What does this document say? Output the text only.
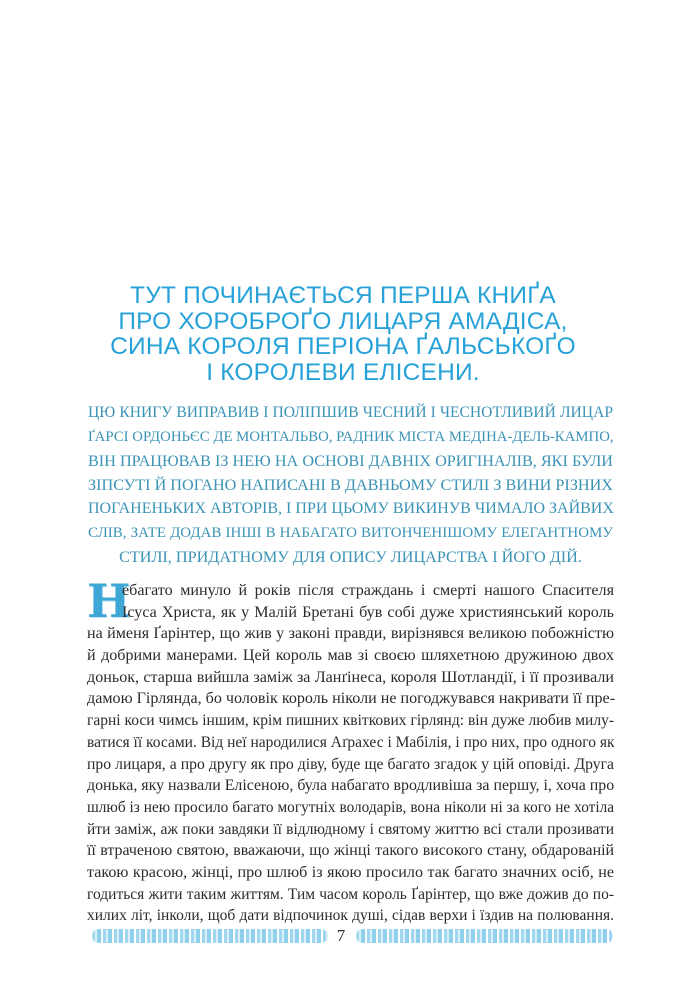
ТУТ ПОЧИНАЄТЬСЯ ПЕРША КНИҐА
ПРО ХОРОБРОҐО ЛИЦАРЯ АМАДІСА,
СИНА КОРОЛЯ ПЕРІОНА ҐАЛЬСЬКОҐО
І КОРОЛЕВИ ЕЛІСЕНИ.
ЦЮ КНИГУ ВИПРАВИВ І ПОЛІПШИВ ЧЕСНИЙ І ЧЕСНОТЛИВИЙ ЛИЦАР
ҐАРСІ ОРДОНЬЄС ДЕ МОНТАЛЬВО, РАДНИК МІСТА МЕДІНА-ДЕЛЬ-КАМПО,
ВІН ПРАЦЮВАВ ІЗ НЕЮ НА ОСНОВІ ДАВНІХ ОРИГІНАЛІВ, ЯКІ БУЛИ
ЗІПСУТІ Й ПОГАНО НАПИСАНІ В ДАВНЬОМУ СТИЛІ З ВИНИ РІЗНИХ
ПОГАНЕНЬКИХ АВТОРІВ, І ПРИ ЦЬОМУ ВИКИНУВ ЧИМАЛО ЗАЙВИХ
СЛІВ, ЗАТЕ ДОДАВ ІНШІ В НАБАГАТО ВИТОНЧЕНІШОМУ ЕЛЕГАНТНОМУ
СТИЛІ, ПРИДАТНОМУ ДЛЯ ОПИСУ ЛИЦАРСТВА І ЙОГО ДІЙ.
Н
ебагато минуло й років після страждань і смерті нашого Спасителя
Ісуса Христа, як у Малій Бретані був собі дуже християнський король
на йменя Ґарінтер, що жив у законі правди, вирізнявся великою побожністю
й добрими манерами. Цей король мав зі своєю шляхетною дружиною двох
доньок, старша вийшла заміж за Ланґінеса, короля Шотландії, і її прозивали
дамою Гірлянда, бо чоловік король ніколи не погоджувався накривати її пре-
гарні коси чимсь іншим, крім пишних квіткових гірлянд: він дуже любив милу-
ватися її косами. Від неї народилися Аґрахес і Мабілія, і про них, про одного як
про лицаря, а про другу як про діву, буде ще багато згадок у цій оповіді. Друга
донька, яку назвали Елісеною, була набагато вродливіша за першу, і, хоча про
шлюб із нею просило багато могутніх володарів, вона ніколи ні за кого не хотіла
йти заміж, аж поки завдяки її відлюдному і святому життю всі стали прозивати
її втраченою святою, вважаючи, що жінці такого високого стану, обдарованій
такою красою, жінці, про шлюб із якою просило так багато значних осіб, не
годиться жити таким життям. Тим часом король Ґарінтер, що вже дожив до по-
хилих літ, інколи, щоб дати відпочинок душі, сідав верхи і їздив на полювання.
7
